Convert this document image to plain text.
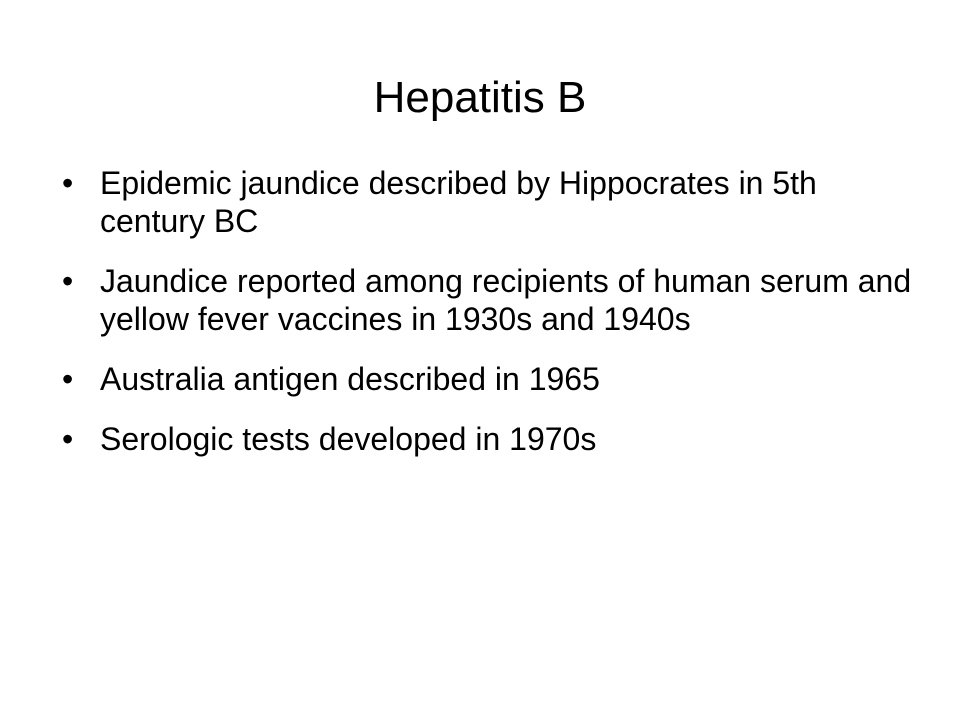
Hepatitis B
• Epidemic jaundice described by Hippocrates in 5th century BC
• Jaundice reported among recipients of human serum and yellow fever vaccines in 1930s and 1940s
• Australia antigen described in 1965
• Serologic tests developed in 1970s
